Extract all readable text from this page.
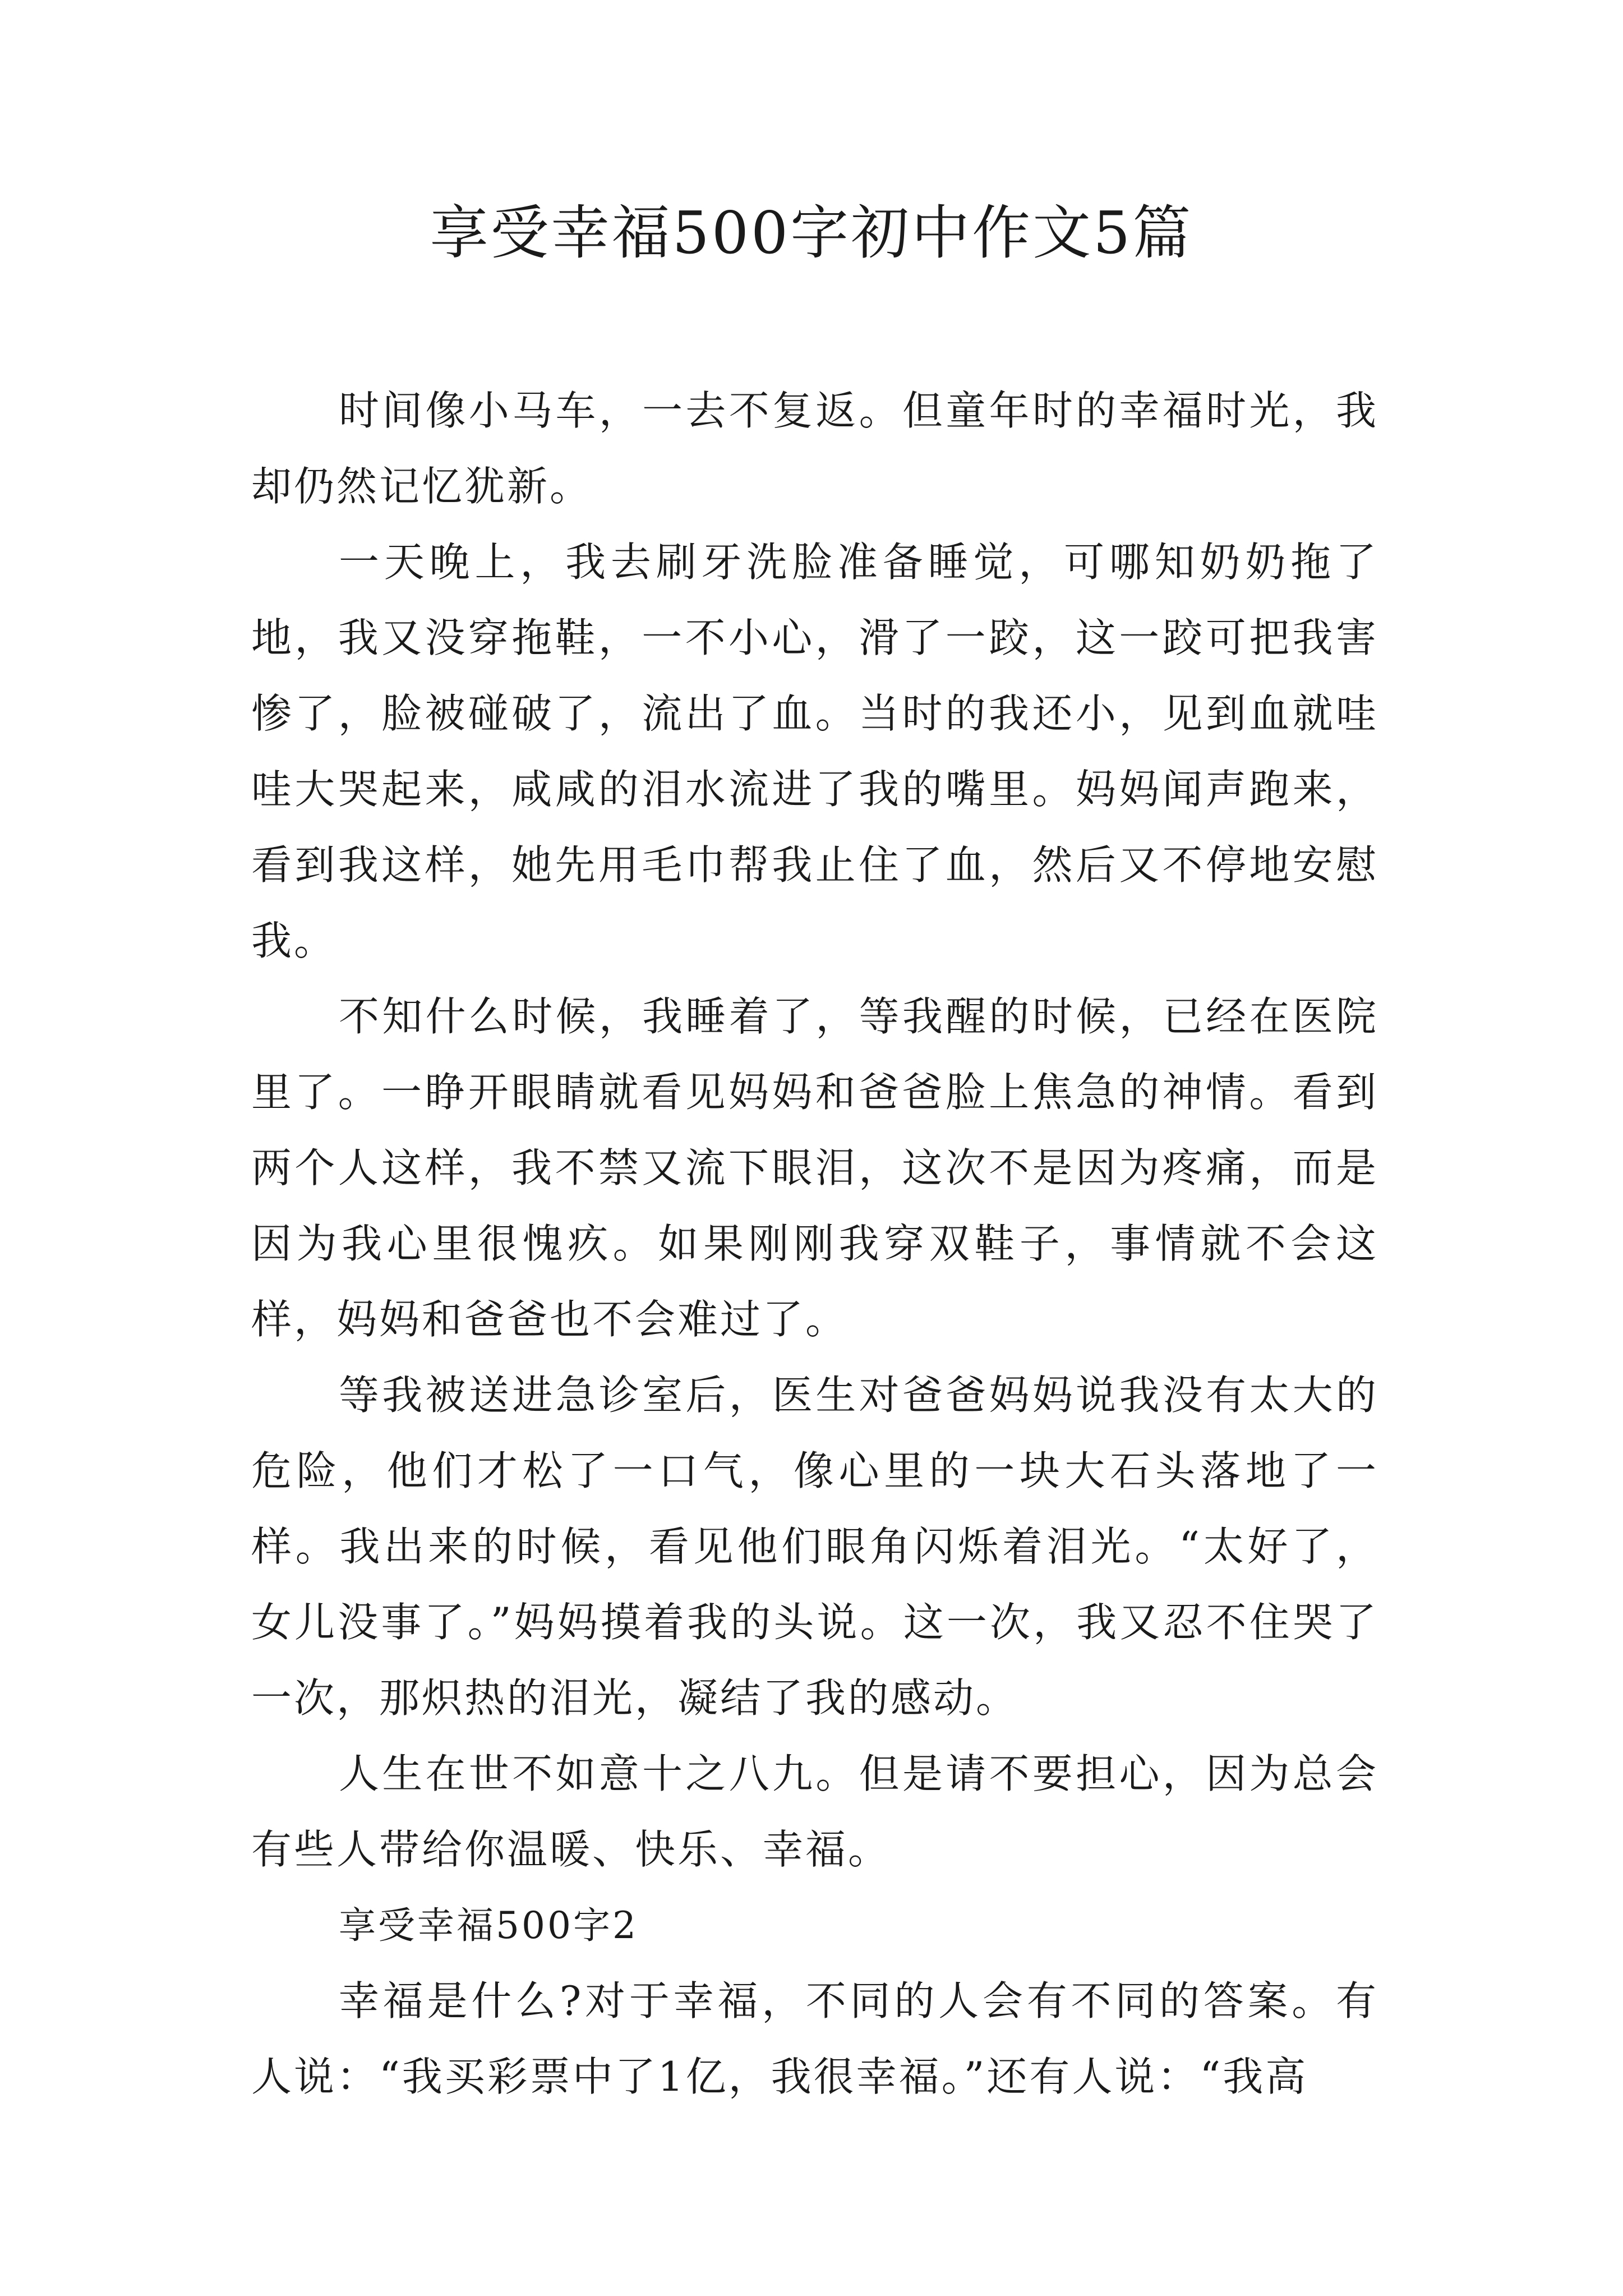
享受幸福500字初中作文5篇

时间像小马车，一去不复返。但童年时的幸福时光，我却仍然记忆犹新。

一天晚上，我去刷牙洗脸准备睡觉，可哪知奶奶拖了地，我又没穿拖鞋，一不小心，滑了一跤，这一跤可把我害惨了，脸被碰破了，流出了血。当时的我还小，见到血就哇哇大哭起来，咸咸的泪水流进了我的嘴里。妈妈闻声跑来，看到我这样，她先用毛巾帮我止住了血，然后又不停地安慰我。

不知什么时候，我睡着了，等我醒的时候，已经在医院里了。一睁开眼睛就看见妈妈和爸爸脸上焦急的神情。看到两个人这样，我不禁又流下眼泪，这次不是因为疼痛，而是因为我心里很愧疚。如果刚刚我穿双鞋子，事情就不会这样，妈妈和爸爸也不会难过了。

等我被送进急诊室后，医生对爸爸妈妈说我没有太大的危险，他们才松了一口气，像心里的一块大石头落地了一样。我出来的时候，看见他们眼角闪烁着泪光。“太好了，女儿没事了。”妈妈摸着我的头说。这一次，我又忍不住哭了一次，那炽热的泪光，凝结了我的感动。

人生在世不如意十之八九。但是请不要担心，因为总会有些人带给你温暖、快乐、幸福。

享受幸福500字2

幸福是什么?对于幸福，不同的人会有不同的答案。有人说：“我买彩票中了1亿，我很幸福。”还有人说：“我高
